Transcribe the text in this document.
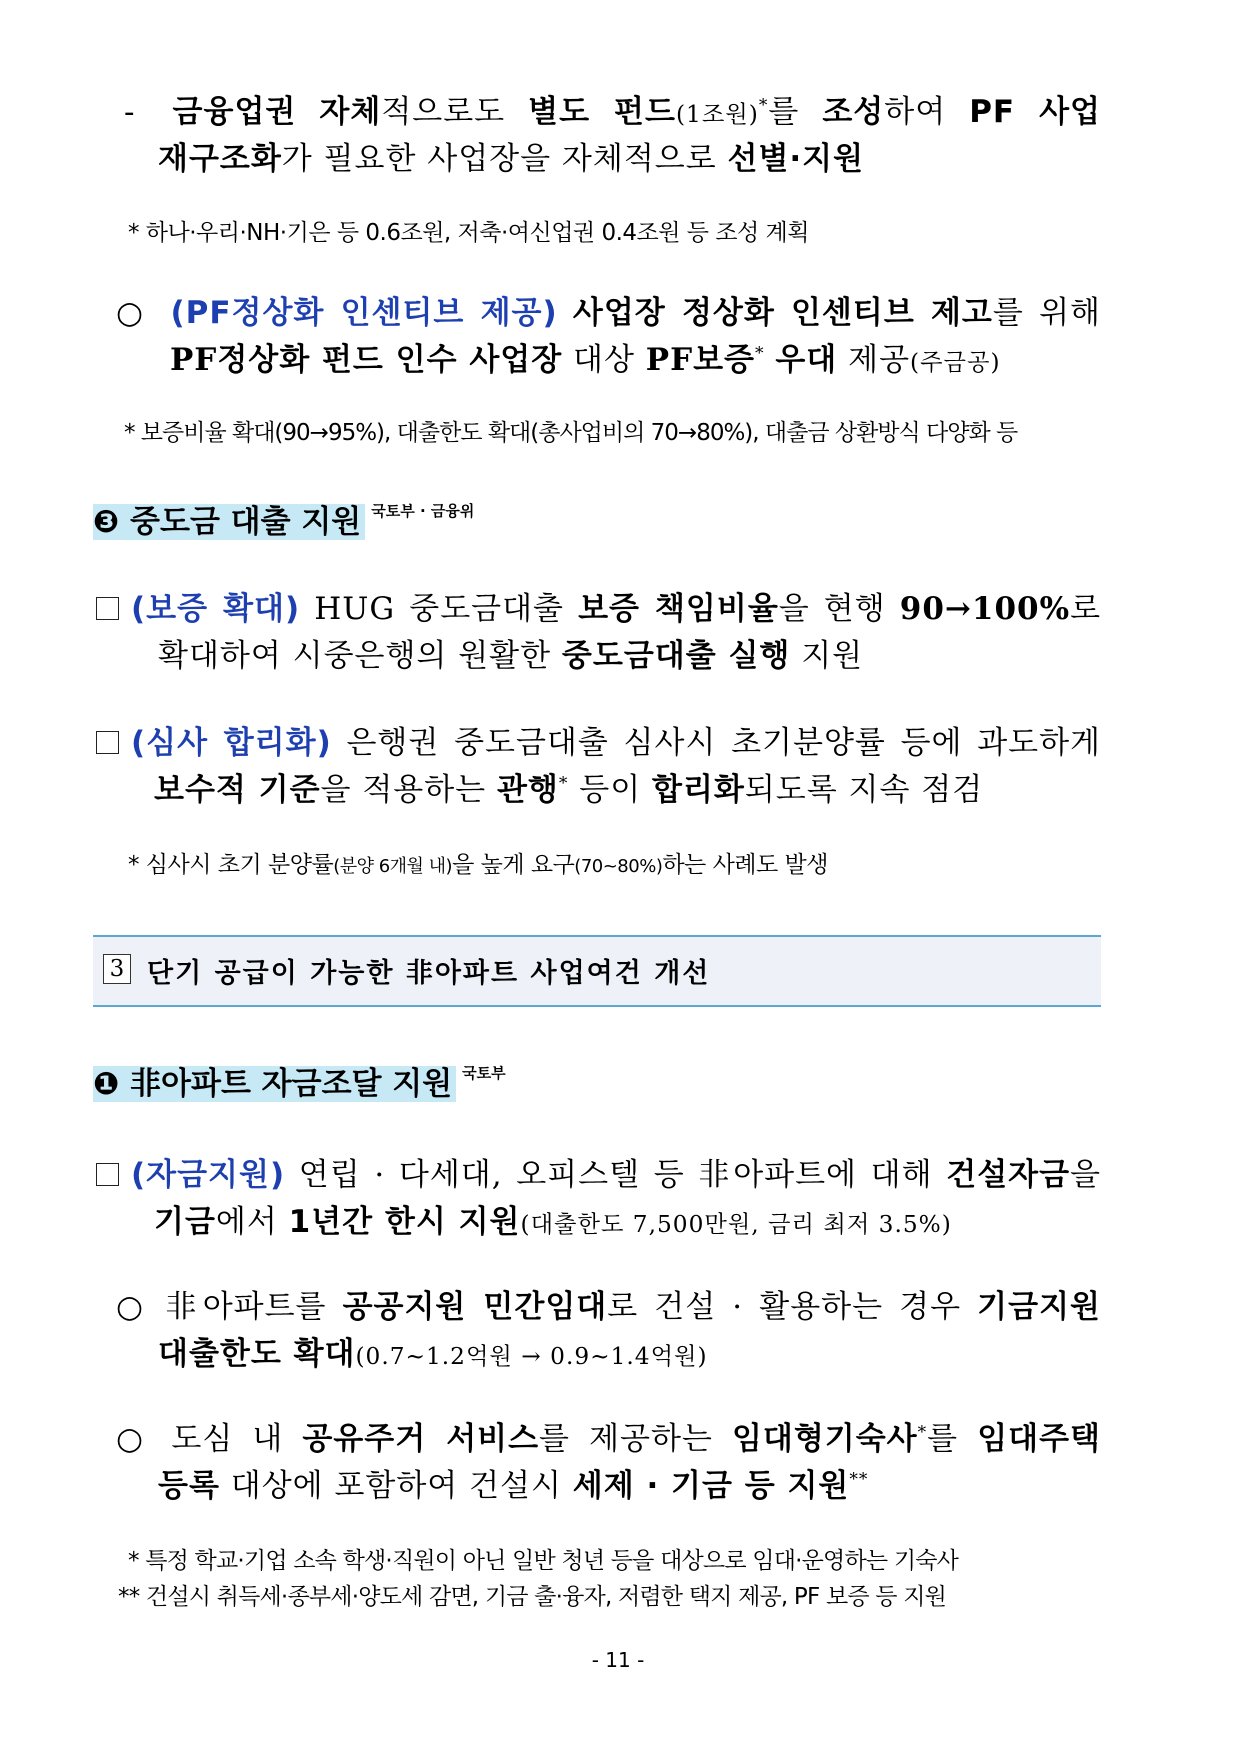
- 금융업권 자체적으로도 별도 펀드(1조원)*를 조성하여 PF 사업
재구조화가 필요한 사업장을 자체적으로 선별·지원
* 하나·우리·NH·기은 등 0.6조원, 저축·여신업권 0.4조원 등 조성 계획
○ (PF정상화 인센티브 제공) 사업장 정상화 인센티브 제고를 위해
PF정상화 펀드 인수 사업장 대상 PF보증* 우대 제공(주금공)
* 보증비율 확대(90→95%), 대출한도 확대(총사업비의 70→80%), 대출금 상환방식 다양화 등
❸ 중도금 대출 지원 $^{국토부 \cdot 금융위}$
(보증 확대) HUG 중도금대출 보증 책임비율을 현행 90→100%로
확대하여 시중은행의 원활한 중도금대출 실행 지원
(심사 합리화) 은행권 중도금대출 심사시 초기분양률 등에 과도하게
보수적 기준을 적용하는 관행* 등이 합리화되도록 지속 점검
* 심사시 초기 분양률(분양 6개월 내)을 높게 요구(70~80%)하는 사례도 발생
3 단기 공급이 가능한 非아파트 사업여건 개선
❶ 非아파트 자금조달 지원 $^{국토부}$
(자금지원) 연립 · 다세대, 오피스텔 등 非아파트에 대해 건설자금을
기금에서 1년간 한시 지원(대출한도 7,500만원, 금리 최저 3.5%)
○ 非아파트를 공공지원 민간임대로 건설 · 활용하는 경우 기금지원
대출한도 확대(0.7~1.2억원 → 0.9~1.4억원)
○ 도심 내 공유주거 서비스를 제공하는 임대형기숙사*를 임대주택
등록 대상에 포함하여 건설시 세제 · 기금 등 지원**
* 특정 학교·기업 소속 학생·직원이 아닌 일반 청년 등을 대상으로 임대·운영하는 기숙사
** 건설시 취득세·종부세·양도세 감면, 기금 출·융자, 저렴한 택지 제공, PF 보증 등 지원
- 11 -
